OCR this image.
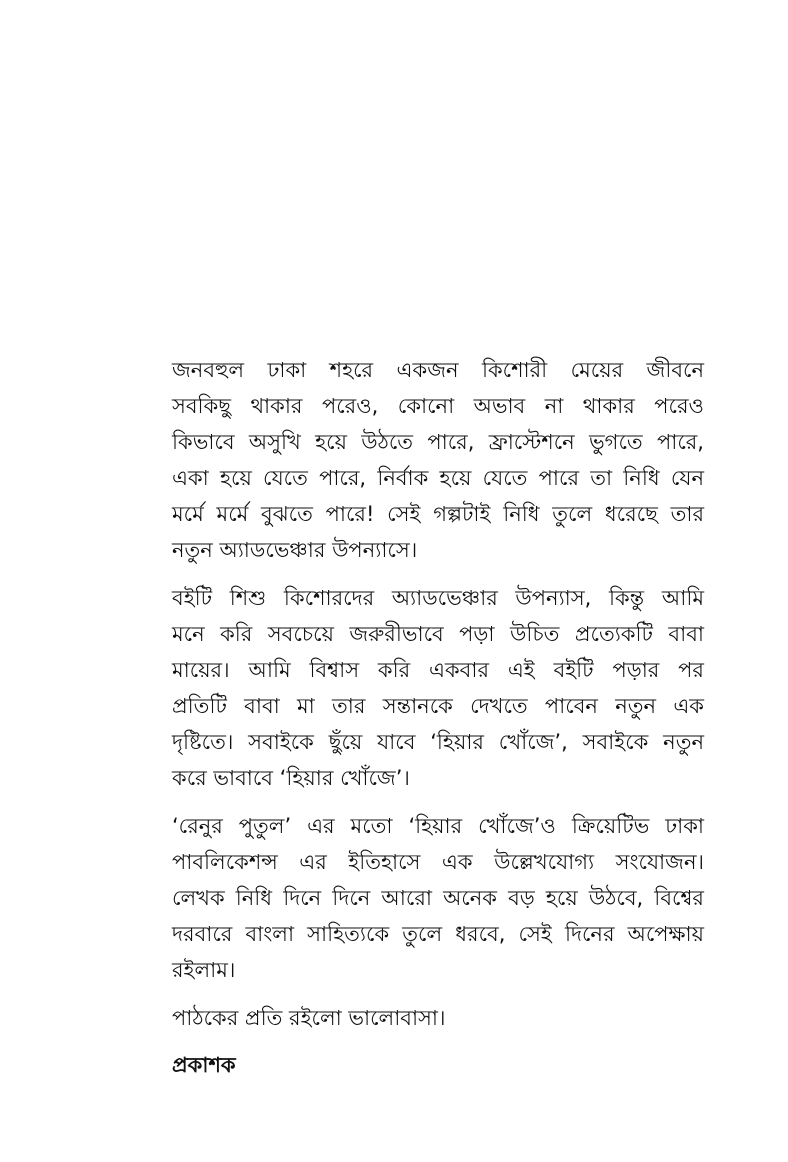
জনবহুল ঢাকা শহরে একজন কিশোরী মেয়ের জীবনে
সবকিছু থাকার পরেও, কোনো অভাব না থাকার পরেও
কিভাবে অসুখি হয়ে উঠতে পারে, ফ্রাস্টেশনে ভুগতে পারে,
একা হয়ে যেতে পারে, নির্বাক হয়ে যেতে পারে তা নিধি যেন
মর্মে মর্মে বুঝতে পারে! সেই গল্পটাই নিধি তুলে ধরেছে তার
নতুন অ্যাডভেঞ্চার উপন্যাসে।

বইটি শিশু কিশোরদের অ্যাডভেঞ্চার উপন্যাস, কিন্তু আমি
মনে করি সবচেয়ে জরুরীভাবে পড়া উচিত প্রত্যেকটি বাবা
মায়ের। আমি বিশ্বাস করি একবার এই বইটি পড়ার পর
প্রতিটি বাবা মা তার সন্তানকে দেখতে পাবেন নতুন এক
দৃষ্টিতে। সবাইকে ছুঁয়ে যাবে ‘হিয়ার খোঁজে’, সবাইকে নতুন
করে ভাবাবে ‘হিয়ার খোঁজে’।

‘রেনুর পুতুল’ এর মতো ‘হিয়ার খোঁজে’ও ক্রিয়েটিভ ঢাকা
পাবলিকেশন্স এর ইতিহাসে এক উল্লেখযোগ্য সংযোজন।
লেখক নিধি দিনে দিনে আরো অনেক বড় হয়ে উঠবে, বিশ্বের
দরবারে বাংলা সাহিত্যকে তুলে ধরবে, সেই দিনের অপেক্ষায়
রইলাম।

পাঠকের প্রতি রইলো ভালোবাসা।

প্রকাশক
